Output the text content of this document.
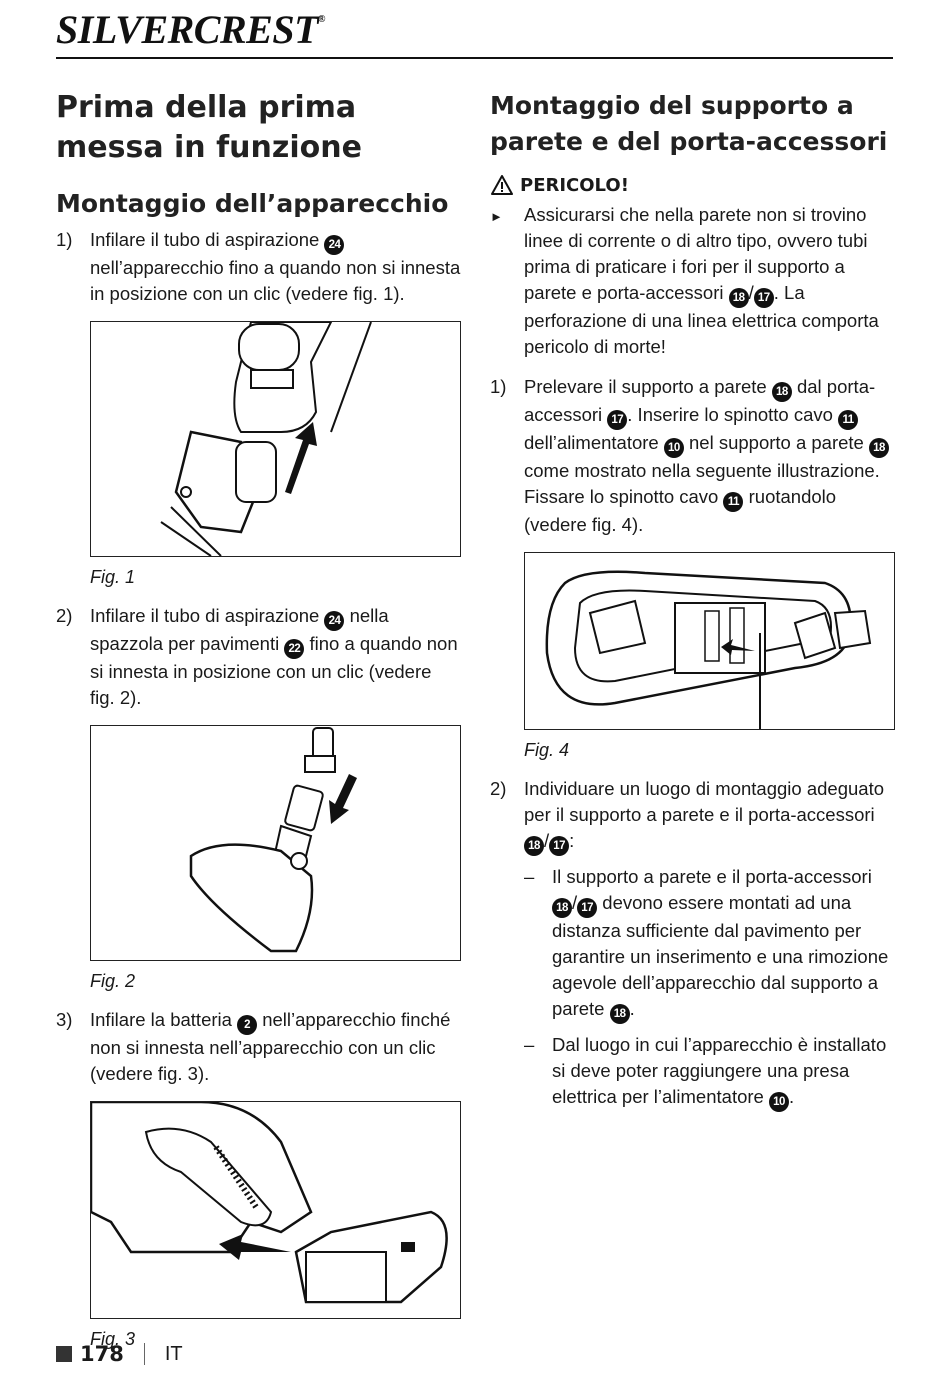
SILVERCREST®
Prima della prima messa in funzione
Montaggio dell’apparecchio
1) Infilare il tubo di aspirazione 24 nell’apparecchio fino a quando non si innesta in posizione con un clic (vedere fig. 1).
Fig. 1
2) Infilare il tubo di aspirazione 24 nella spazzola per pavimenti 22 fino a quando non si innesta in posizione con un clic (vedere fig. 2).
Fig. 2
3) Infilare la batteria 2 nell’apparecchio finché non si innesta nell’apparecchio con un clic (vedere fig. 3).
Fig. 3
Montaggio del supporto a parete e del porta-accessori
PERICOLO!
►	Assicurarsi che nella parete non si trovino linee di corrente o di altro tipo, ovvero tubi prima di praticare i fori per il supporto a parete e porta-accessori 18 / 17 . La perforazione di una linea elettrica comporta pericolo di morte!
1) Prelevare il supporto a parete 18 dal porta-accessori 17 . Inserire lo spinotto cavo 11 dell’alimentatore 10 nel supporto a parete 18 come mostrato nella seguente illustrazione. Fissare lo spinotto cavo 11 ruotandolo (vedere fig. 4).
Fig. 4
2) Individuare un luogo di montaggio adeguato per il supporto a parete e il porta-accessori 18 / 17 :
– Il supporto a parete e il porta-accessori 18 / 17 devono essere montati ad una distanza sufficiente dal pavimento per garantire un inserimento e una rimozione agevole dell’apparecchio dal supporto a parete 18 .
– Dal luogo in cui l’apparecchio è installato si deve poter raggiungere una presa elettrica per l’alimentatore 10 .
178 IT
